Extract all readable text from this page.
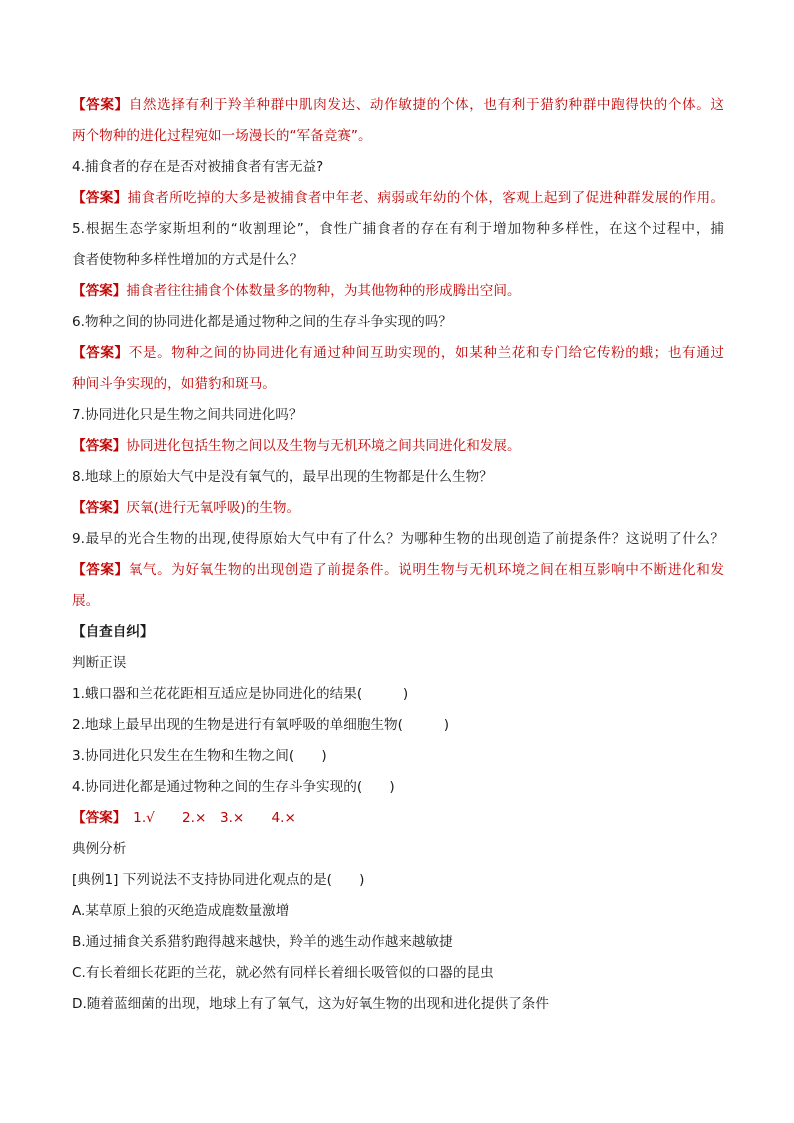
【答案】自然选择有利于羚羊种群中肌肉发达、动作敏捷的个体，也有利于猎豹种群中跑得快的个体。这
两个物种的进化过程宛如一场漫长的“军备竞赛”。
4.捕食者的存在是否对被捕食者有害无益?
【答案】捕食者所吃掉的大多是被捕食者中年老、病弱或年幼的个体，客观上起到了促进种群发展的作用。
5.根据生态学家斯坦利的“收割理论”，食性广捕食者的存在有利于增加物种多样性，在这个过程中，捕
食者使物种多样性增加的方式是什么？
【答案】捕食者往往捕食个体数量多的物种，为其他物种的形成腾出空间。
6.物种之间的协同进化都是通过物种之间的生存斗争实现的吗？
【答案】不是。物种之间的协同进化有通过种间互助实现的，如某种兰花和专门给它传粉的蛾；也有通过
种间斗争实现的，如猎豹和斑马。
7.协同进化只是生物之间共同进化吗？
【答案】协同进化包括生物之间以及生物与无机环境之间共同进化和发展。
8.地球上的原始大气中是没有氧气的，最早出现的生物都是什么生物？
【答案】厌氧(进行无氧呼吸)的生物。
9.最早的光合生物的出现,使得原始大气中有了什么？为哪种生物的出现创造了前提条件？这说明了什么？
【答案】氧气。为好氧生物的出现创造了前提条件。说明生物与无机环境之间在相互影响中不断进化和发
展。
【自查自纠】
判断正误
1.蛾口器和兰花花距相互适应是协同进化的结果(　　　)
2.地球上最早出现的生物是进行有氧呼吸的单细胞生物(　　　)
3.协同进化只发生在生物和生物之间(　　)
4.协同进化都是通过物种之间的生存斗争实现的(　　)
【答案】　1.√　　2.×　3.×　　4.×
典例分析
[典例1] 下列说法不支持协同进化观点的是(　　)
A.某草原上狼的灭绝造成鹿数量激增
B.通过捕食关系猎豹跑得越来越快，羚羊的逃生动作越来越敏捷
C.有长着细长花距的兰花，就必然有同样长着细长吸管似的口器的昆虫
D.随着蓝细菌的出现，地球上有了氧气，这为好氧生物的出现和进化提供了条件
